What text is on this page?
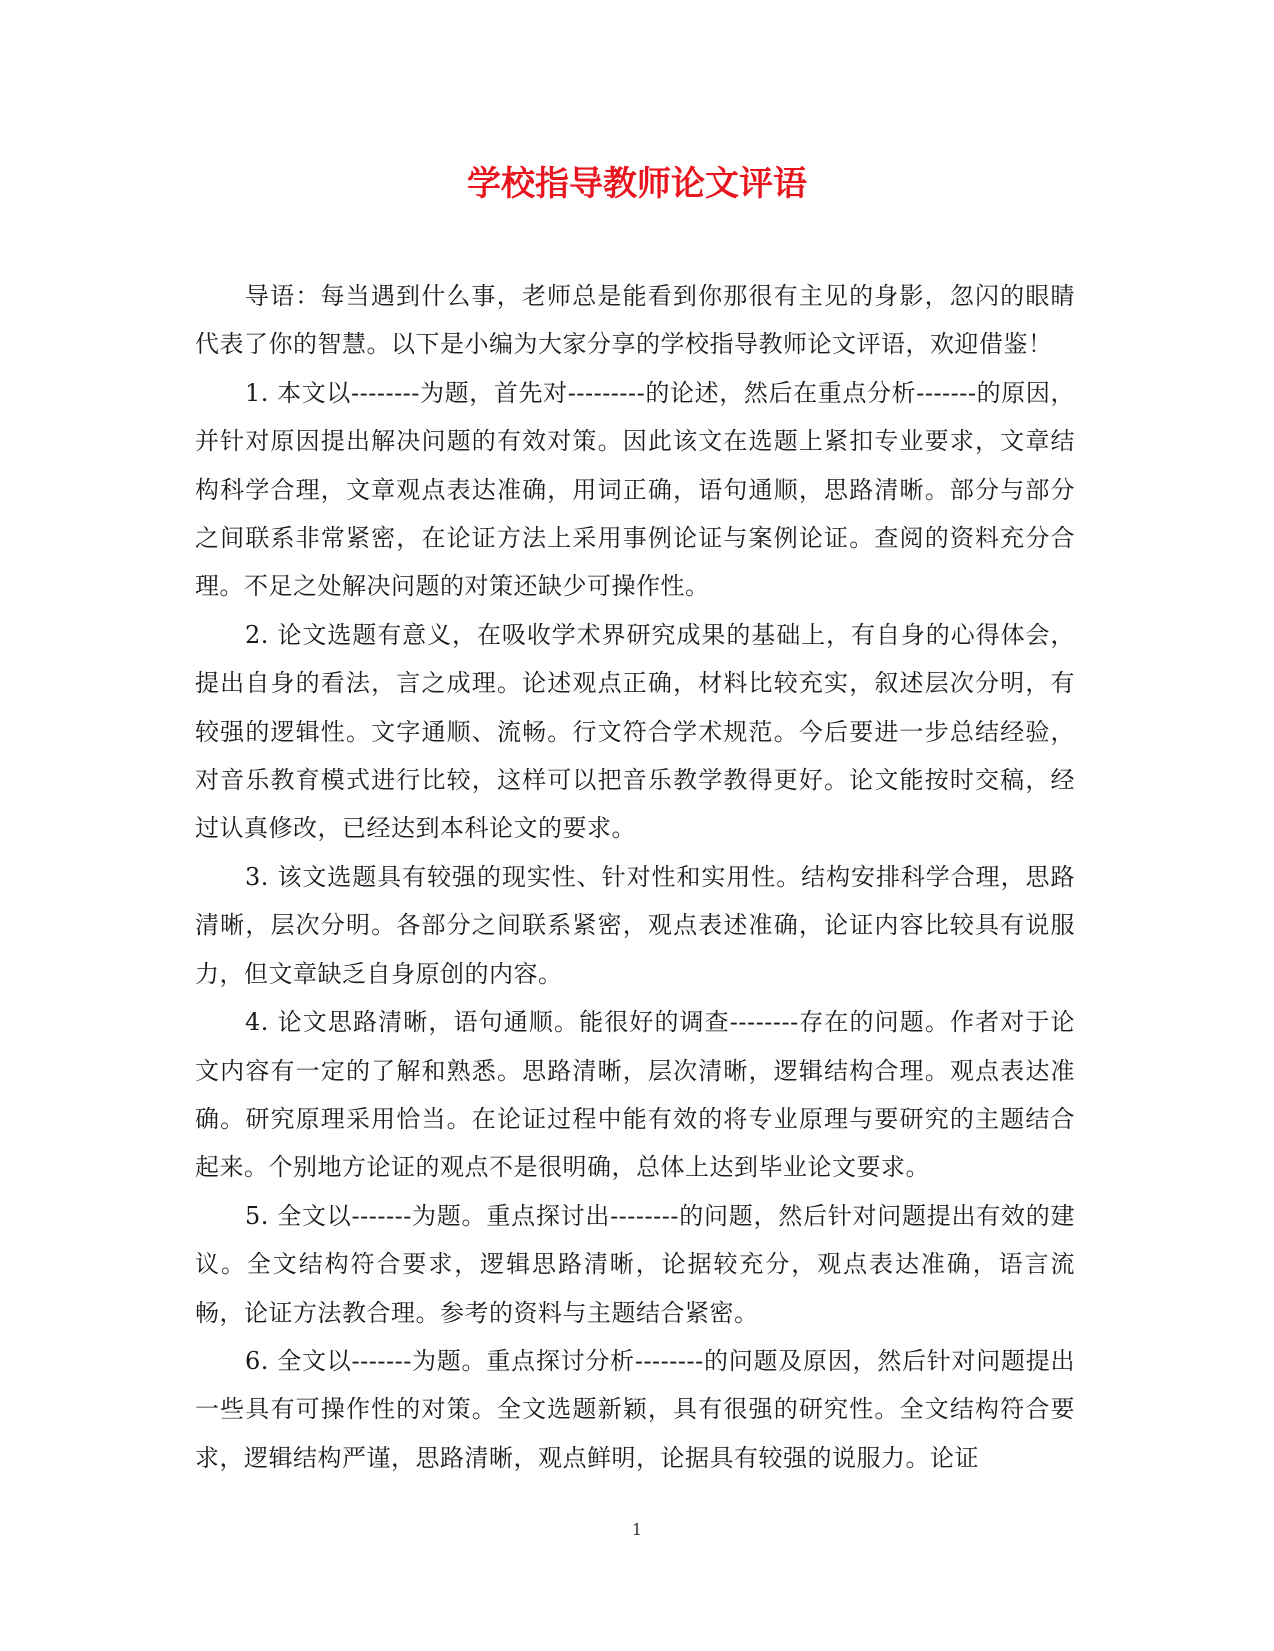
学校指导教师论文评语

导语：每当遇到什么事，老师总是能看到你那很有主见的身影，忽闪的眼睛代表了你的智慧。以下是小编为大家分享的学校指导教师论文评语，欢迎借鉴！

1. 本文以--------为题，首先对---------的论述，然后在重点分析-------的原因，并针对原因提出解决问题的有效对策。因此该文在选题上紧扣专业要求，文章结构科学合理，文章观点表达准确，用词正确，语句通顺，思路清晰。部分与部分之间联系非常紧密，在论证方法上采用事例论证与案例论证。查阅的资料充分合理。不足之处解决问题的对策还缺少可操作性。

2. 论文选题有意义，在吸收学术界研究成果的基础上，有自身的心得体会，提出自身的看法，言之成理。论述观点正确，材料比较充实，叙述层次分明，有较强的逻辑性。文字通顺、流畅。行文符合学术规范。今后要进一步总结经验，对音乐教育模式进行比较，这样可以把音乐教学教得更好。论文能按时交稿，经过认真修改，已经达到本科论文的要求。

3. 该文选题具有较强的现实性、针对性和实用性。结构安排科学合理，思路清晰，层次分明。各部分之间联系紧密，观点表述准确，论证内容比较具有说服力，但文章缺乏自身原创的内容。

4. 论文思路清晰，语句通顺。能很好的调查--------存在的问题。作者对于论文内容有一定的了解和熟悉。思路清晰，层次清晰，逻辑结构合理。观点表达准确。研究原理采用恰当。在论证过程中能有效的将专业原理与要研究的主题结合起来。个别地方论证的观点不是很明确，总体上达到毕业论文要求。

5. 全文以-------为题。重点探讨出--------的问题，然后针对问题提出有效的建议。全文结构符合要求，逻辑思路清晰，论据较充分，观点表达准确，语言流畅，论证方法教合理。参考的资料与主题结合紧密。

6. 全文以-------为题。重点探讨分析--------的问题及原因，然后针对问题提出一些具有可操作性的对策。全文选题新颖，具有很强的研究性。全文结构符合要求，逻辑结构严谨，思路清晰，观点鲜明，论据具有较强的说服力。论证

1
